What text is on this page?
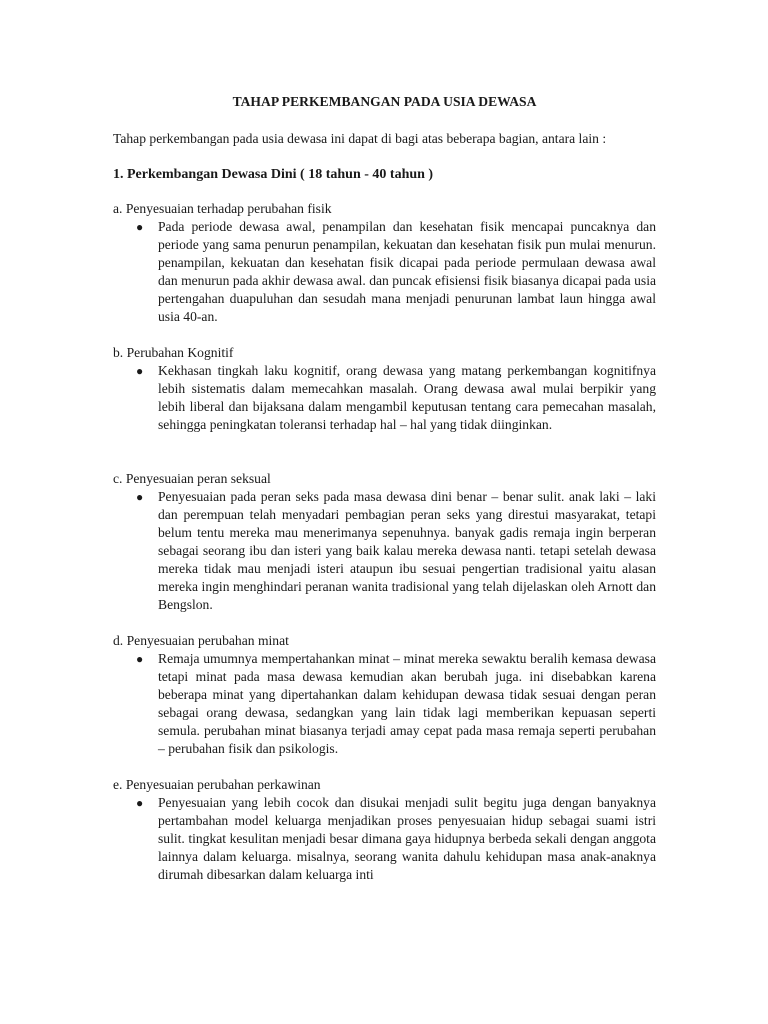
TAHAP PERKEMBANGAN PADA USIA DEWASA
Tahap perkembangan pada usia dewasa ini dapat di bagi atas beberapa bagian, antara lain :
1. Perkembangan Dewasa Dini ( 18 tahun - 40 tahun )
a. Penyesuaian terhadap perubahan fisik
● Pada periode dewasa awal, penampilan dan kesehatan fisik mencapai puncaknya dan periode yang sama penurun penampilan, kekuatan dan kesehatan fisik pun mulai menurun. penampilan, kekuatan dan kesehatan fisik dicapai pada periode permulaan dewasa awal dan menurun pada akhir dewasa awal. dan puncak efisiensi fisik biasanya dicapai pada usia pertengahan duapuluhan dan sesudah mana menjadi penurunan lambat laun hingga awal usia 40-an.
b. Perubahan Kognitif
● Kekhasan tingkah laku kognitif, orang dewasa yang matang perkembangan kognitifnya lebih sistematis dalam memecahkan masalah. Orang dewasa awal mulai berpikir yang lebih liberal dan bijaksana dalam mengambil keputusan tentang cara pemecahan masalah, sehingga peningkatan toleransi terhadap hal – hal yang tidak diinginkan.
c. Penyesuaian peran seksual
● Penyesuaian pada peran seks pada masa dewasa dini benar – benar sulit. anak laki – laki dan perempuan telah menyadari pembagian peran seks yang direstui masyarakat, tetapi belum tentu mereka mau menerimanya sepenuhnya. banyak gadis remaja ingin berperan sebagai seorang ibu dan isteri yang baik kalau mereka dewasa nanti. tetapi setelah dewasa mereka tidak mau menjadi isteri ataupun ibu sesuai pengertian tradisional yaitu alasan mereka ingin menghindari peranan wanita tradisional yang telah dijelaskan oleh Arnott dan Bengslon.
d. Penyesuaian perubahan minat
● Remaja umumnya mempertahankan minat – minat mereka sewaktu beralih kemasa dewasa tetapi minat pada masa dewasa kemudian akan berubah juga. ini disebabkan karena beberapa minat yang dipertahankan dalam kehidupan dewasa tidak sesuai dengan peran sebagai orang dewasa, sedangkan yang lain tidak lagi memberikan kepuasan seperti semula. perubahan minat biasanya terjadi amay cepat pada masa remaja seperti perubahan – perubahan fisik dan psikologis.
e. Penyesuaian perubahan perkawinan
● Penyesuaian yang lebih cocok dan disukai menjadi sulit begitu juga dengan banyaknya pertambahan model keluarga menjadikan proses penyesuaian hidup sebagai suami istri sulit. tingkat kesulitan menjadi besar dimana gaya hidupnya berbeda sekali dengan anggota lainnya dalam keluarga. misalnya, seorang wanita dahulu kehidupan masa anak-anaknya dirumah dibesarkan dalam keluarga inti
